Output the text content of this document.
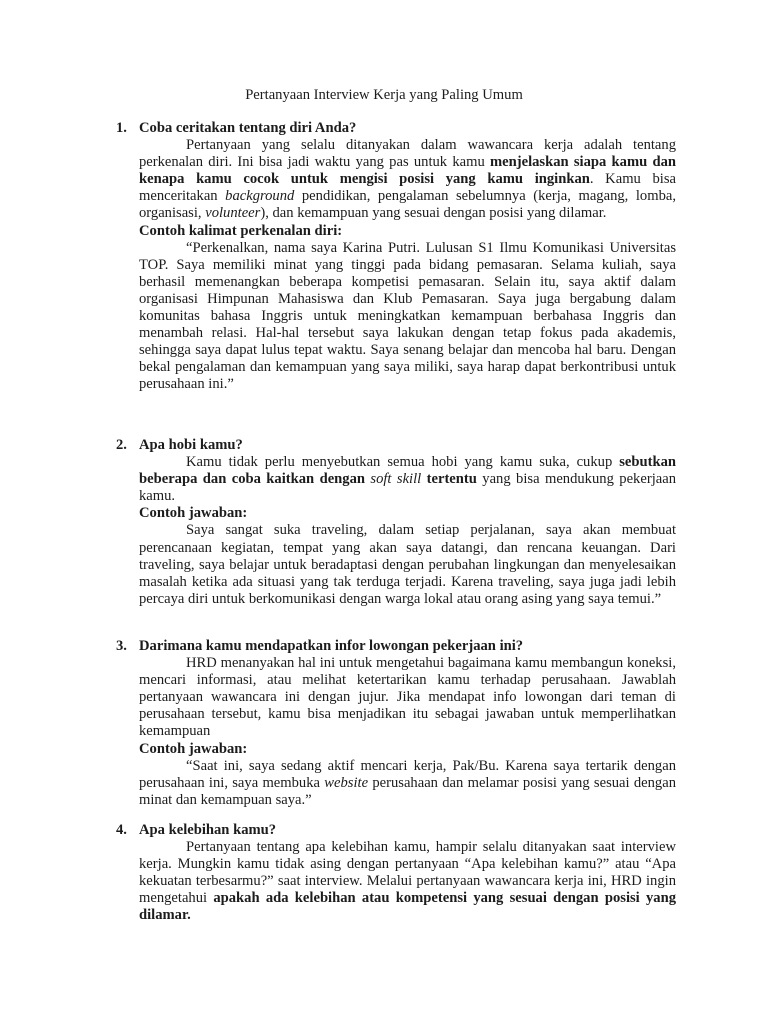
Pertanyaan Interview Kerja yang Paling Umum
1. Coba ceritakan tentang diri Anda?

Pertanyaan yang selalu ditanyakan dalam wawancara kerja adalah tentang perkenalan diri. Ini bisa jadi waktu yang pas untuk kamu menjelaskan siapa kamu dan kenapa kamu cocok untuk mengisi posisi yang kamu inginkan. Kamu bisa menceritakan background pendidikan, pengalaman sebelumnya (kerja, magang, lomba, organisasi, volunteer), dan kemampuan yang sesuai dengan posisi yang dilamar.

Contoh kalimat perkenalan diri:

“Perkenalkan, nama saya Karina Putri. Lulusan S1 Ilmu Komunikasi Universitas TOP. Saya memiliki minat yang tinggi pada bidang pemasaran. Selama kuliah, saya berhasil memenangkan beberapa kompetisi pemasaran. Selain itu, saya aktif dalam organisasi Himpunan Mahasiswa dan Klub Pemasaran. Saya juga bergabung dalam komunitas bahasa Inggris untuk meningkatkan kemampuan berbahasa Inggris dan menambah relasi. Hal-hal tersebut saya lakukan dengan tetap fokus pada akademis, sehingga saya dapat lulus tepat waktu. Saya senang belajar dan mencoba hal baru. Dengan bekal pengalaman dan kemampuan yang saya miliki, saya harap dapat berkontribusi untuk perusahaan ini.”

2. Apa hobi kamu?

Kamu tidak perlu menyebutkan semua hobi yang kamu suka, cukup sebutkan beberapa dan coba kaitkan dengan soft skill tertentu yang bisa mendukung pekerjaan kamu.

Contoh jawaban:

Saya sangat suka traveling, dalam setiap perjalanan, saya akan membuat perencanaan kegiatan, tempat yang akan saya datangi, dan rencana keuangan. Dari traveling, saya belajar untuk beradaptasi dengan perubahan lingkungan dan menyelesaikan masalah ketika ada situasi yang tak terduga terjadi. Karena traveling, saya juga jadi lebih percaya diri untuk berkomunikasi dengan warga lokal atau orang asing yang saya temui.”

3. Darimana kamu mendapatkan infor lowongan pekerjaan ini?

HRD menanyakan hal ini untuk mengetahui bagaimana kamu membangun koneksi, mencari informasi, atau melihat ketertarikan kamu terhadap perusahaan. Jawablah pertanyaan wawancara ini dengan jujur. Jika mendapat info lowongan dari teman di perusahaan tersebut, kamu bisa menjadikan itu sebagai jawaban untuk memperlihatkan kemampuan

Contoh jawaban:

“Saat ini, saya sedang aktif mencari kerja, Pak/Bu. Karena saya tertarik dengan perusahaan ini, saya membuka website perusahaan dan melamar posisi yang sesuai dengan minat dan kemampuan saya.”

4. Apa kelebihan kamu?

Pertanyaan tentang apa kelebihan kamu, hampir selalu ditanyakan saat interview kerja. Mungkin kamu tidak asing dengan pertanyaan “Apa kelebihan kamu?” atau “Apa kekuatan terbesarmu?” saat interview. Melalui pertanyaan wawancara kerja ini, HRD ingin mengetahui apakah ada kelebihan atau kompetensi yang sesuai dengan posisi yang dilamar.
